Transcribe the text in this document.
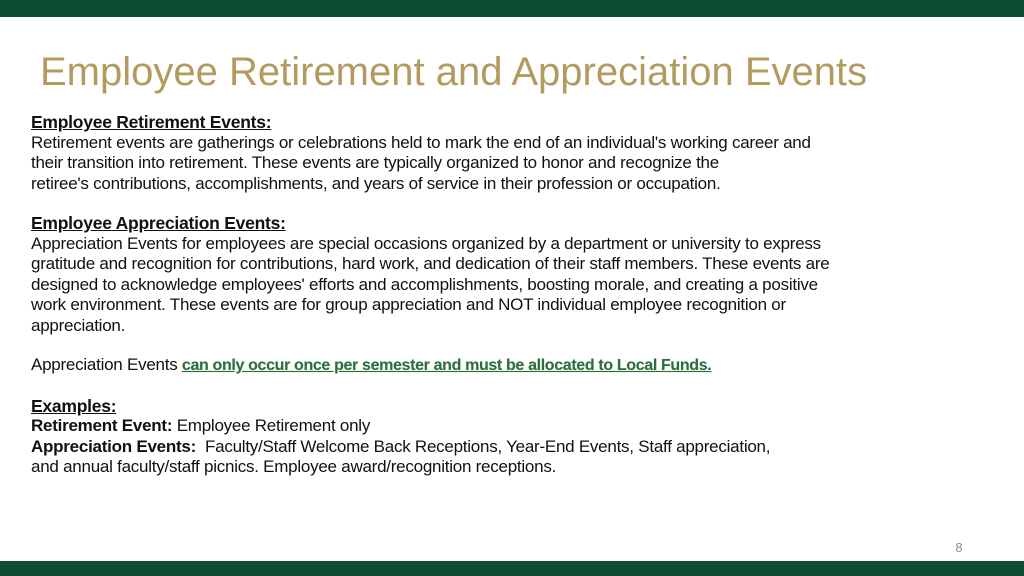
Employee Retirement and Appreciation Events

Employee Retirement Events:

Retirement events are gatherings or celebrations held to mark the end of an individual's working career and

their transition into retirement. These events are typically organized to honor and recognize the

retiree's contributions, accomplishments, and years of service in their profession or occupation.

Employee Appreciation Events:

Appreciation Events for employees are special occasions organized by a department or university to express

gratitude and recognition for contributions, hard work, and dedication of their staff members. These events are

designed to acknowledge employees' efforts and accomplishments, boosting morale, and creating a positive

work environment. These events are for group appreciation and NOT individual employee recognition or

appreciation.

Appreciation Events can only occur once per semester and must be allocated to Local Funds.

Examples:

Retirement Event: Employee Retirement only

Appreciation Events:  Faculty/Staff Welcome Back Receptions, Year-End Events, Staff appreciation,

and annual faculty/staff picnics. Employee award/recognition receptions.

8
